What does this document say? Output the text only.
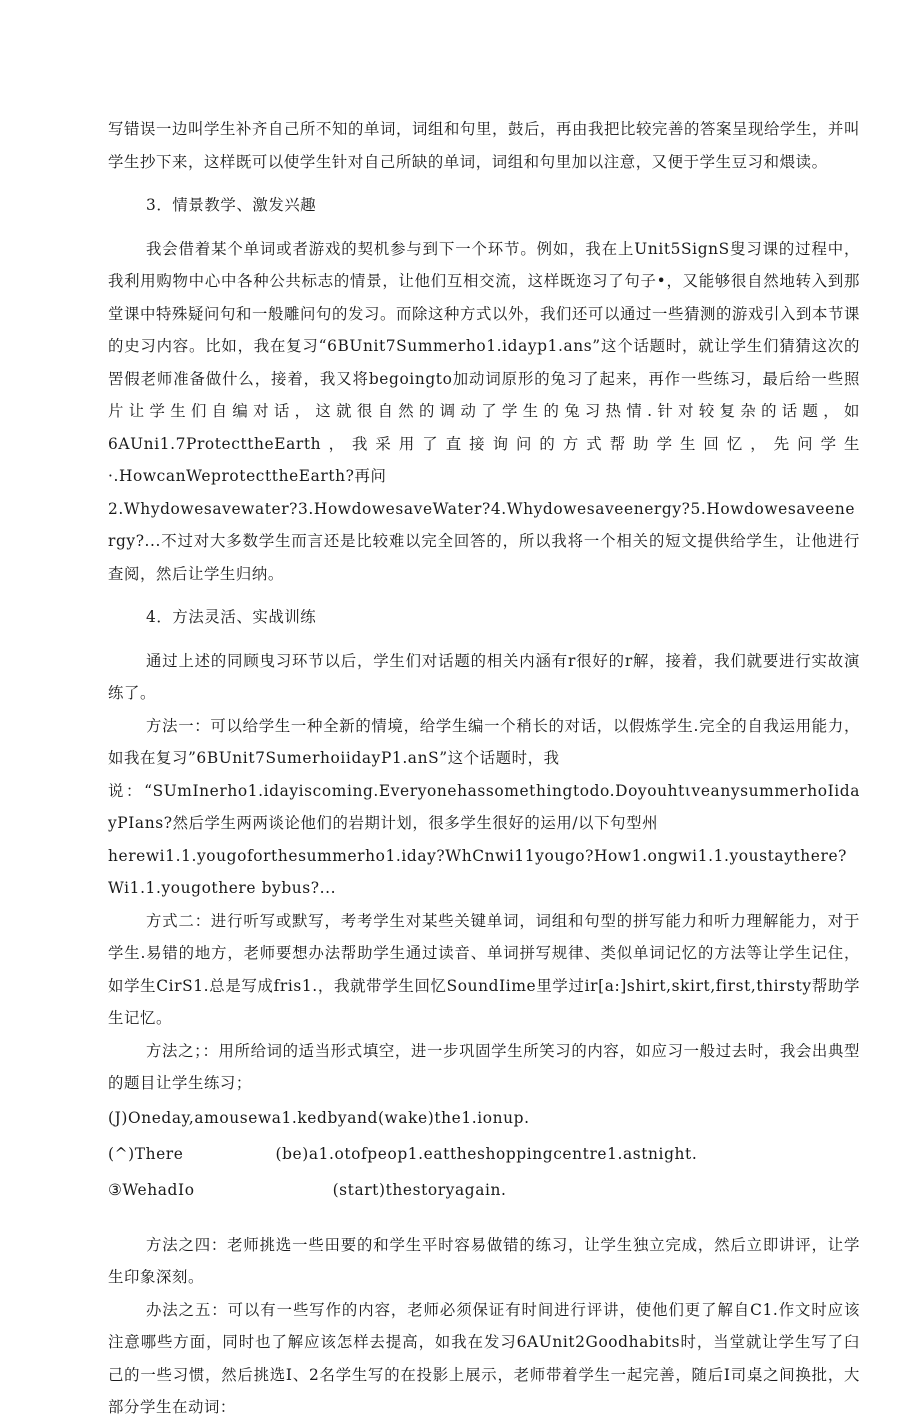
写错误一边叫学生补齐自己所不知的单词，词组和句里，鼓后，再由我把比较完善的答案呈现给学生，并叫学生抄下来，这样既可以使学生针对自己所缺的单词，词组和句里加以注意，又便于学生豆习和煨读。

3．情景教学、激发兴趣

我会借着某个单词或者游戏的契机参与到下一个环节。例如，我在上Unit5SignS叟习课的过程中，我利用购物中心中各种公共标志的情景，让他们互相交流，这样既迩习了句子•，又能够很自然地转入到那堂课中特殊疑问句和一般雕问句的发习。而除这种方式以外，我们还可以通过一些猜测的游戏引入到本节课的史习内容。比如，我在复习“6BUnit7Summerho1.idayp1.ans”这个话题时，就让学生们猜猜这次的罟假老师准备做什么，接着，我又将begoingto加动词原形的兔习了起来，再作一些练习，最后给一些照片让学生们自编对话，这就很自然的调动了学生的兔习热情.针对较复杂的话题，如6AUni1.7ProtecttheEarth，我采用了直接询问的方式帮助学生回忆，先问学生·.HowcanWeprotecttheEarth?再问

2.Whydowesavewater?3.HowdowesaveWater?4.Whydowesaveenergy?5.Howdowesaveenergy?...不过对大多数学生而言还是比较难以完全回答的，所以我将一个相关的短文提供给学生，让他进行查阅，然后让学生归纳。

4．方法灵活、实战训练

通过上述的同顾曳习环节以后，学生们对话题的相关内涵有r很好的r解，接着，我们就要进行实故演练了。

方法一：可以给学生一种全新的情境，给学生编一个稍长的对话，以假炼学生.完全的自我运用能力，如我在复习”6BUnit7SumerhoiidayP1.anS”这个话题时，我

说：“SUmInerho1.idayiscoming.Everyonehassomethingtodo.DoyouhtιveanysummerhoIidayPIans?然后学生两两谈论他们的岩期计划，很多学生很好的运用/以下句型州

herewi1.1.yougoforthesummerho1.iday?WhCnwi11yougo?How1.ongwi1.1.youstaythere?Wi1.1.yougothere bybus?...

方式二：进行听写或默写，考考学生对某些关键单词，词组和句型的拼写能力和听力理解能力，对于学生.易错的地方，老师要想办法帮助学生通过读音、单词拼写规律、类似单词记忆的方法等让学生记住，如学生CirS1.总是写成fris1.，我就带学生回忆SoundIime里学过ir[a:]shirt,skirt,first,thirsty帮助学生记忆。

方法之；：用所给词的适当形式填空，进一步巩固学生所笑习的内容，如应习一般过去时，我会出典型的题目让学生练习；

(J)Oneday,amousewa1.kedbyand(wake)the1.ionup.

(^)There	(be)a1.otofpeop1.eattheshoppingcentre1.astnight.

③WehadIo	(start)thestoryagain.

方法之四：老师挑选一些田要的和学生平时容易做错的练习，让学生独立完成，然后立即讲评，让学生印象深刻。

办法之五：可以有一些写作的内容，老师必须保证有时间进行评讲，使他们更了解自C1.作文时应该注意哪些方面，同时也了解应该怎样去提高，如我在发习6AUnit2Goodhabits时，当堂就让学生写了臼己的一些习惯，然后挑选I、2名学生写的在投影上展示，老师带着学生一起完善，随后I司桌之间换批，大部分学生在动词：
